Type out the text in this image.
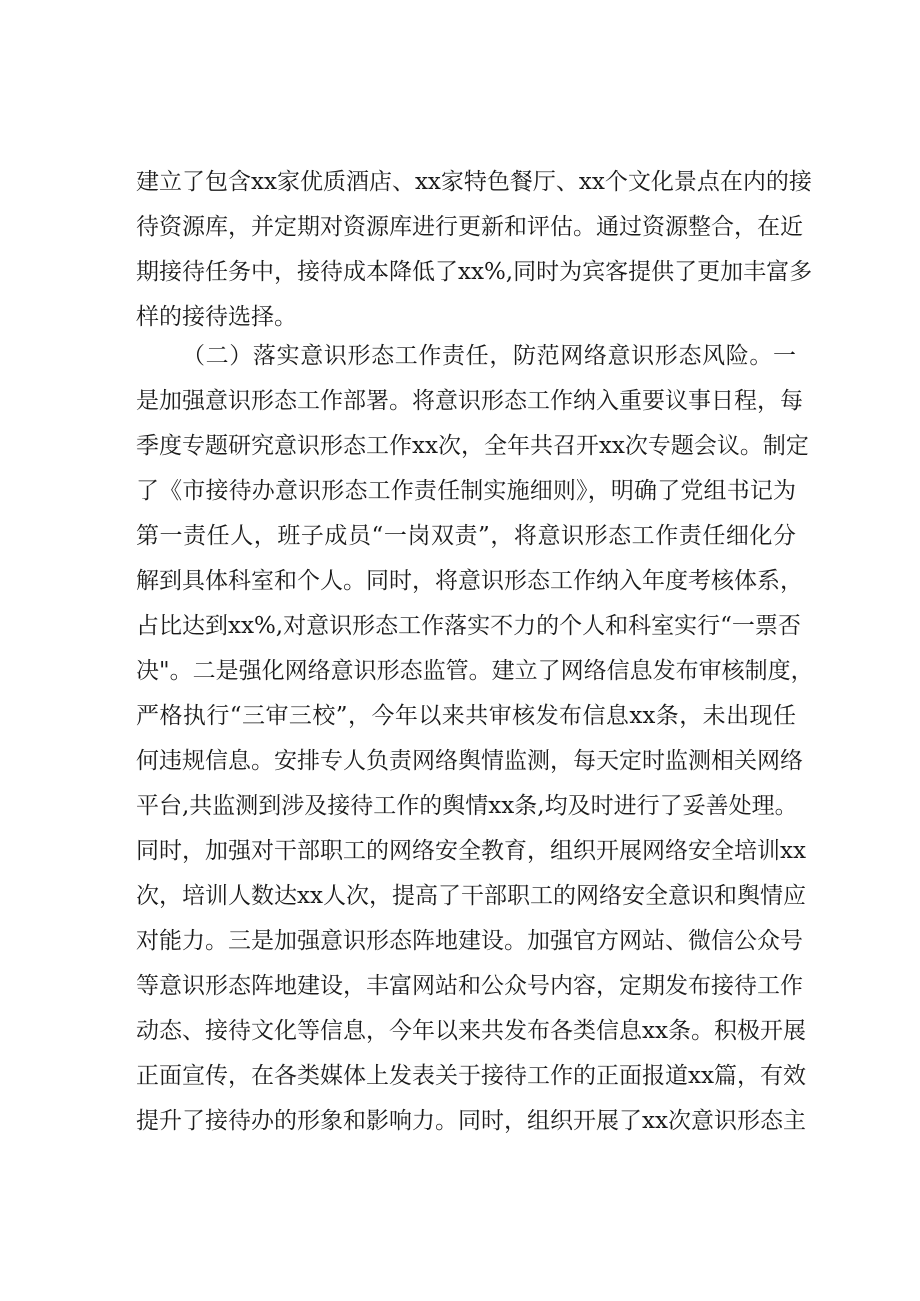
建立了包含xx家优质酒店、xx家特色餐厅、xx个文化景点在内的接
待资源库，并定期对资源库进行更新和评估。通过资源整合，在近
期接待任务中，接待成本降低了xx%,同时为宾客提供了更加丰富多
样的接待选择。
（二）落实意识形态工作责任，防范网络意识形态风险。一
是加强意识形态工作部署。将意识形态工作纳入重要议事日程，每
季度专题研究意识形态工作xx次，全年共召开xx次专题会议。制定
了《市接待办意识形态工作责任制实施细则》，明确了党组书记为
第一责任人，班子成员“一岗双责”，将意识形态工作责任细化分
解到具体科室和个人。同时，将意识形态工作纳入年度考核体系，
占比达到xx%,对意识形态工作落实不力的个人和科室实行“一票否
决"。二是强化网络意识形态监管。建立了网络信息发布审核制度，
严格执行“三审三校”，今年以来共审核发布信息xx条，未出现任
何违规信息。安排专人负责网络舆情监测，每天定时监测相关网络
平台,共监测到涉及接待工作的舆情xx条,均及时进行了妥善处理。
同时，加强对干部职工的网络安全教育，组织开展网络安全培训xx
次，培训人数达xx人次，提高了干部职工的网络安全意识和舆情应
对能力。三是加强意识形态阵地建设。加强官方网站、微信公众号
等意识形态阵地建设，丰富网站和公众号内容，定期发布接待工作
动态、接待文化等信息，今年以来共发布各类信息xx条。积极开展
正面宣传，在各类媒体上发表关于接待工作的正面报道xx篇，有效
提升了接待办的形象和影响力。同时，组织开展了xx次意识形态主
